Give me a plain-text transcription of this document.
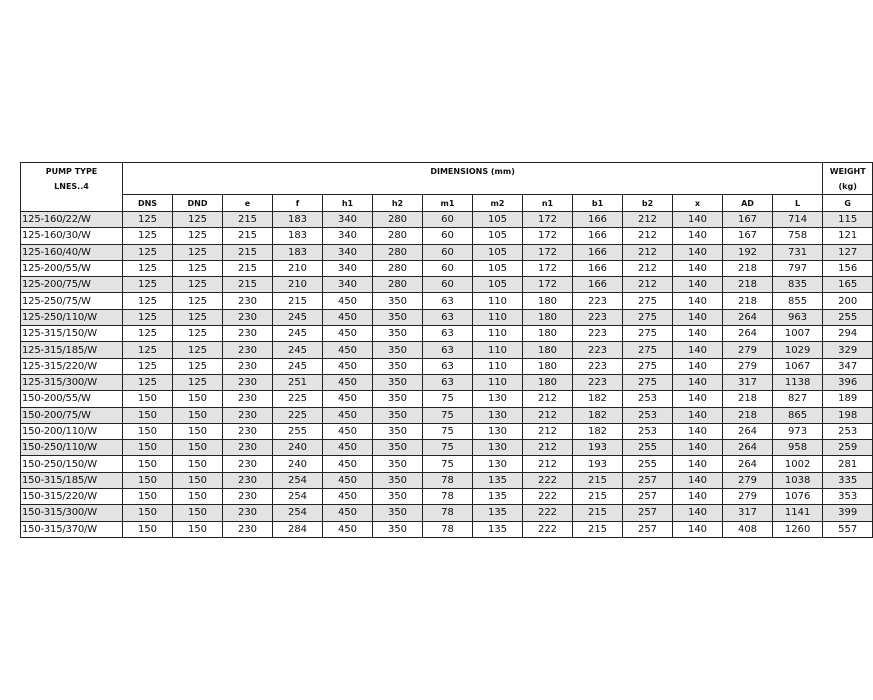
PUMP TYPE	DIMENSIONS (mm)														WEIGHT
LNES..4															(kg)
	DNS	DND	e	f	h1	h2	m1	m2	n1	b1	b2	x	AD	L	G
125-160/22/W	125	125	215	183	340	280	60	105	172	166	212	140	167	714	115
125-160/30/W	125	125	215	183	340	280	60	105	172	166	212	140	167	758	121
125-160/40/W	125	125	215	183	340	280	60	105	172	166	212	140	192	731	127
125-200/55/W	125	125	215	210	340	280	60	105	172	166	212	140	218	797	156
125-200/75/W	125	125	215	210	340	280	60	105	172	166	212	140	218	835	165
125-250/75/W	125	125	230	215	450	350	63	110	180	223	275	140	218	855	200
125-250/110/W	125	125	230	245	450	350	63	110	180	223	275	140	264	963	255
125-315/150/W	125	125	230	245	450	350	63	110	180	223	275	140	264	1007	294
125-315/185/W	125	125	230	245	450	350	63	110	180	223	275	140	279	1029	329
125-315/220/W	125	125	230	245	450	350	63	110	180	223	275	140	279	1067	347
125-315/300/W	125	125	230	251	450	350	63	110	180	223	275	140	317	1138	396
150-200/55/W	150	150	230	225	450	350	75	130	212	182	253	140	218	827	189
150-200/75/W	150	150	230	225	450	350	75	130	212	182	253	140	218	865	198
150-200/110/W	150	150	230	255	450	350	75	130	212	182	253	140	264	973	253
150-250/110/W	150	150	230	240	450	350	75	130	212	193	255	140	264	958	259
150-250/150/W	150	150	230	240	450	350	75	130	212	193	255	140	264	1002	281
150-315/185/W	150	150	230	254	450	350	78	135	222	215	257	140	279	1038	335
150-315/220/W	150	150	230	254	450	350	78	135	222	215	257	140	279	1076	353
150-315/300/W	150	150	230	254	450	350	78	135	222	215	257	140	317	1141	399
150-315/370/W	150	150	230	284	450	350	78	135	222	215	257	140	408	1260	557
